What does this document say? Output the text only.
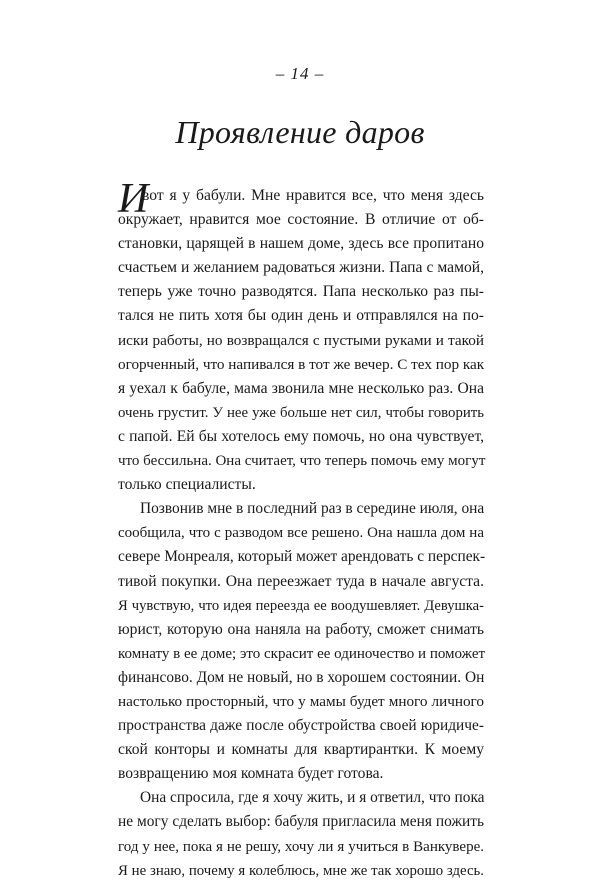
– 14 –
Проявление даров
И
вот я у бабули. Мне нравится все, что меня здесь
окружает, нравится мое состояние. В отличие от об-
становки, царящей в нашем доме, здесь все пропитано
счастьем и желанием радоваться жизни. Папа с мамой,
теперь уже точно разводятся. Папа несколько раз пы-
тался не пить хотя бы один день и отправлялся на по-
иски работы, но возвращался с пустыми руками и такой
огорченный, что напивался в тот же вечер. С тех пор как
я уехал к бабуле, мама звонила мне несколько раз. Она
очень грустит. У нее уже больше нет сил, чтобы говорить
с папой. Ей бы хотелось ему помочь, но она чувствует,
что бессильна. Она считает, что теперь помочь ему могут
только специалисты.
Позвонив мне в последний раз в середине июля, она
сообщила, что с разводом все решено. Она нашла дом на
севере Монреаля, который может арендовать с перспек-
тивой покупки. Она переезжает туда в начале августа.
Я чувствую, что идея переезда ее воодушевляет. Девушка-
юрист, которую она наняла на работу, сможет снимать
комнату в ее доме; это скрасит ее одиночество и поможет
финансово. Дом не новый, но в хорошем состоянии. Он
настолько просторный, что у мамы будет много личного
пространства даже после обустройства своей юридиче-
ской конторы и комнаты для квартирантки. К моему
возвращению моя комната будет готова.
Она спросила, где я хочу жить, и я ответил, что пока
не могу сделать выбор: бабуля пригласила меня пожить
год у нее, пока я не решу, хочу ли я учиться в Ванкувере.
Я не знаю, почему я колеблюсь, мне же так хорошо здесь.
